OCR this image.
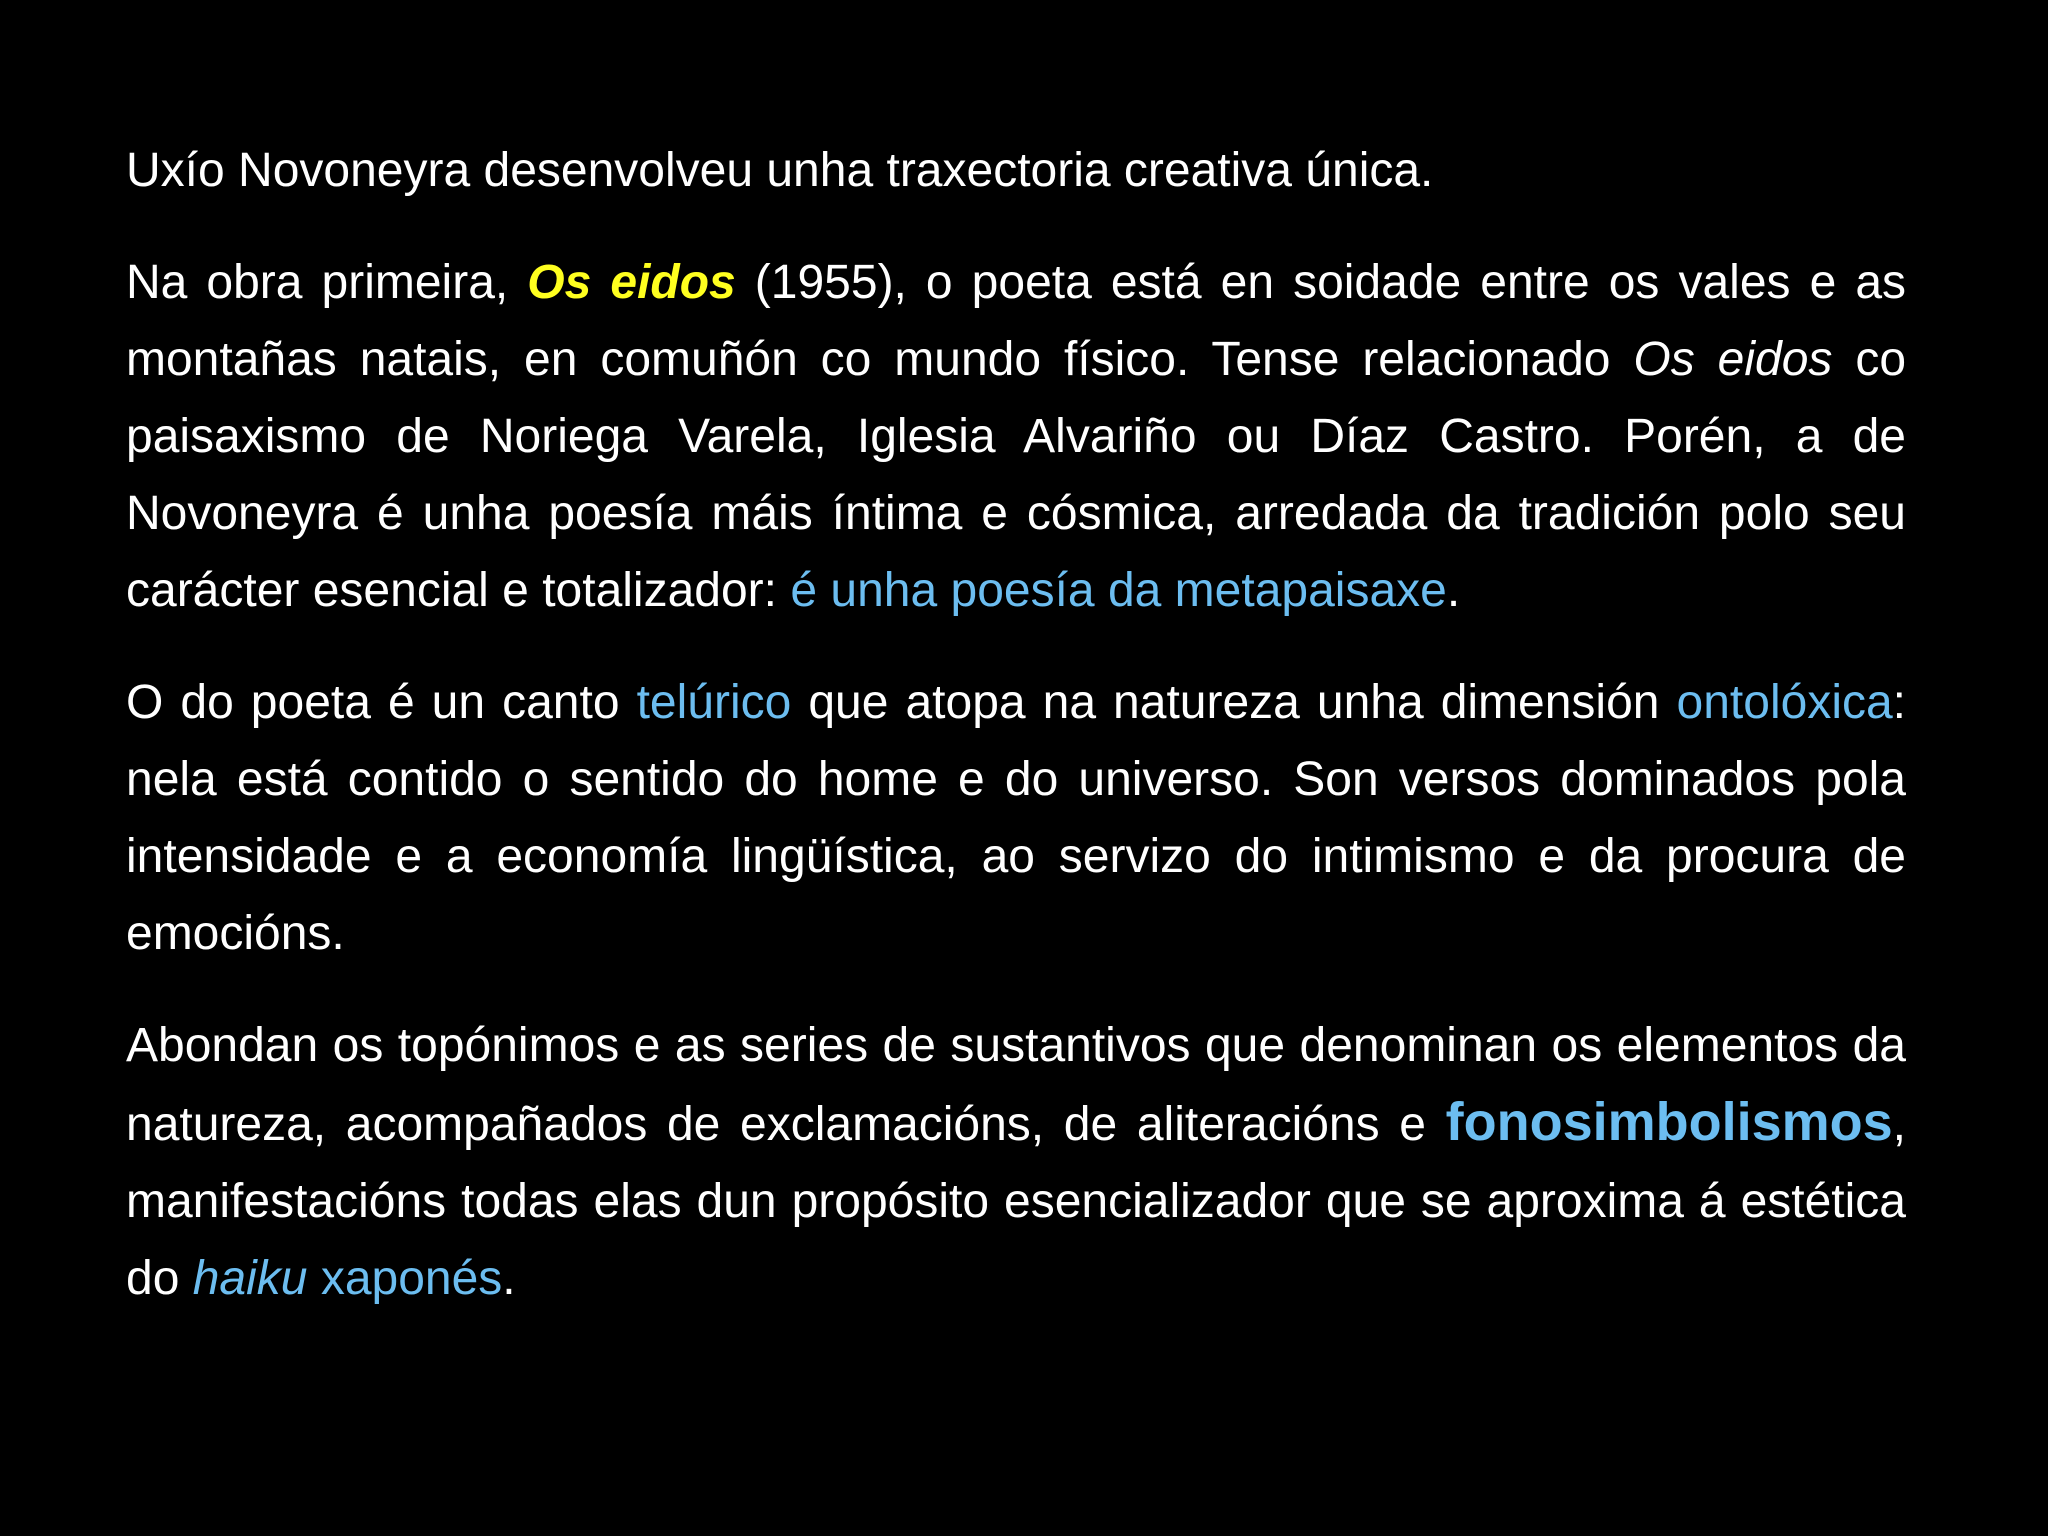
Uxío Novoneyra desenvolveu unha traxectoria creativa única.

Na obra primeira, Os eidos (1955), o poeta está en soidade entre os vales e as montañas natais, en comuñón co mundo físico. Tense relacionado Os eidos co paisaxismo de Noriega Varela, Iglesia Alvariño ou Díaz Castro. Porén, a de Novoneyra é unha poesía máis íntima e cósmica, arredada da tradición polo seu carácter esencial e totalizador: é unha poesía da metapaisaxe.

O do poeta é un canto telúrico que atopa na natureza unha dimensión ontolóxica: nela está contido o sentido do home e do universo. Son versos dominados pola intensidade e a economía lingüística, ao servizo do intimismo e da procura de emocións.

Abondan os topónimos e as series de sustantivos que denominan os elementos da natureza, acompañados de exclamacións, de aliteracións e fonosimbolismos, manifestacións todas elas dun propósito esencializador que se aproxima á estética do haiku xaponés.
